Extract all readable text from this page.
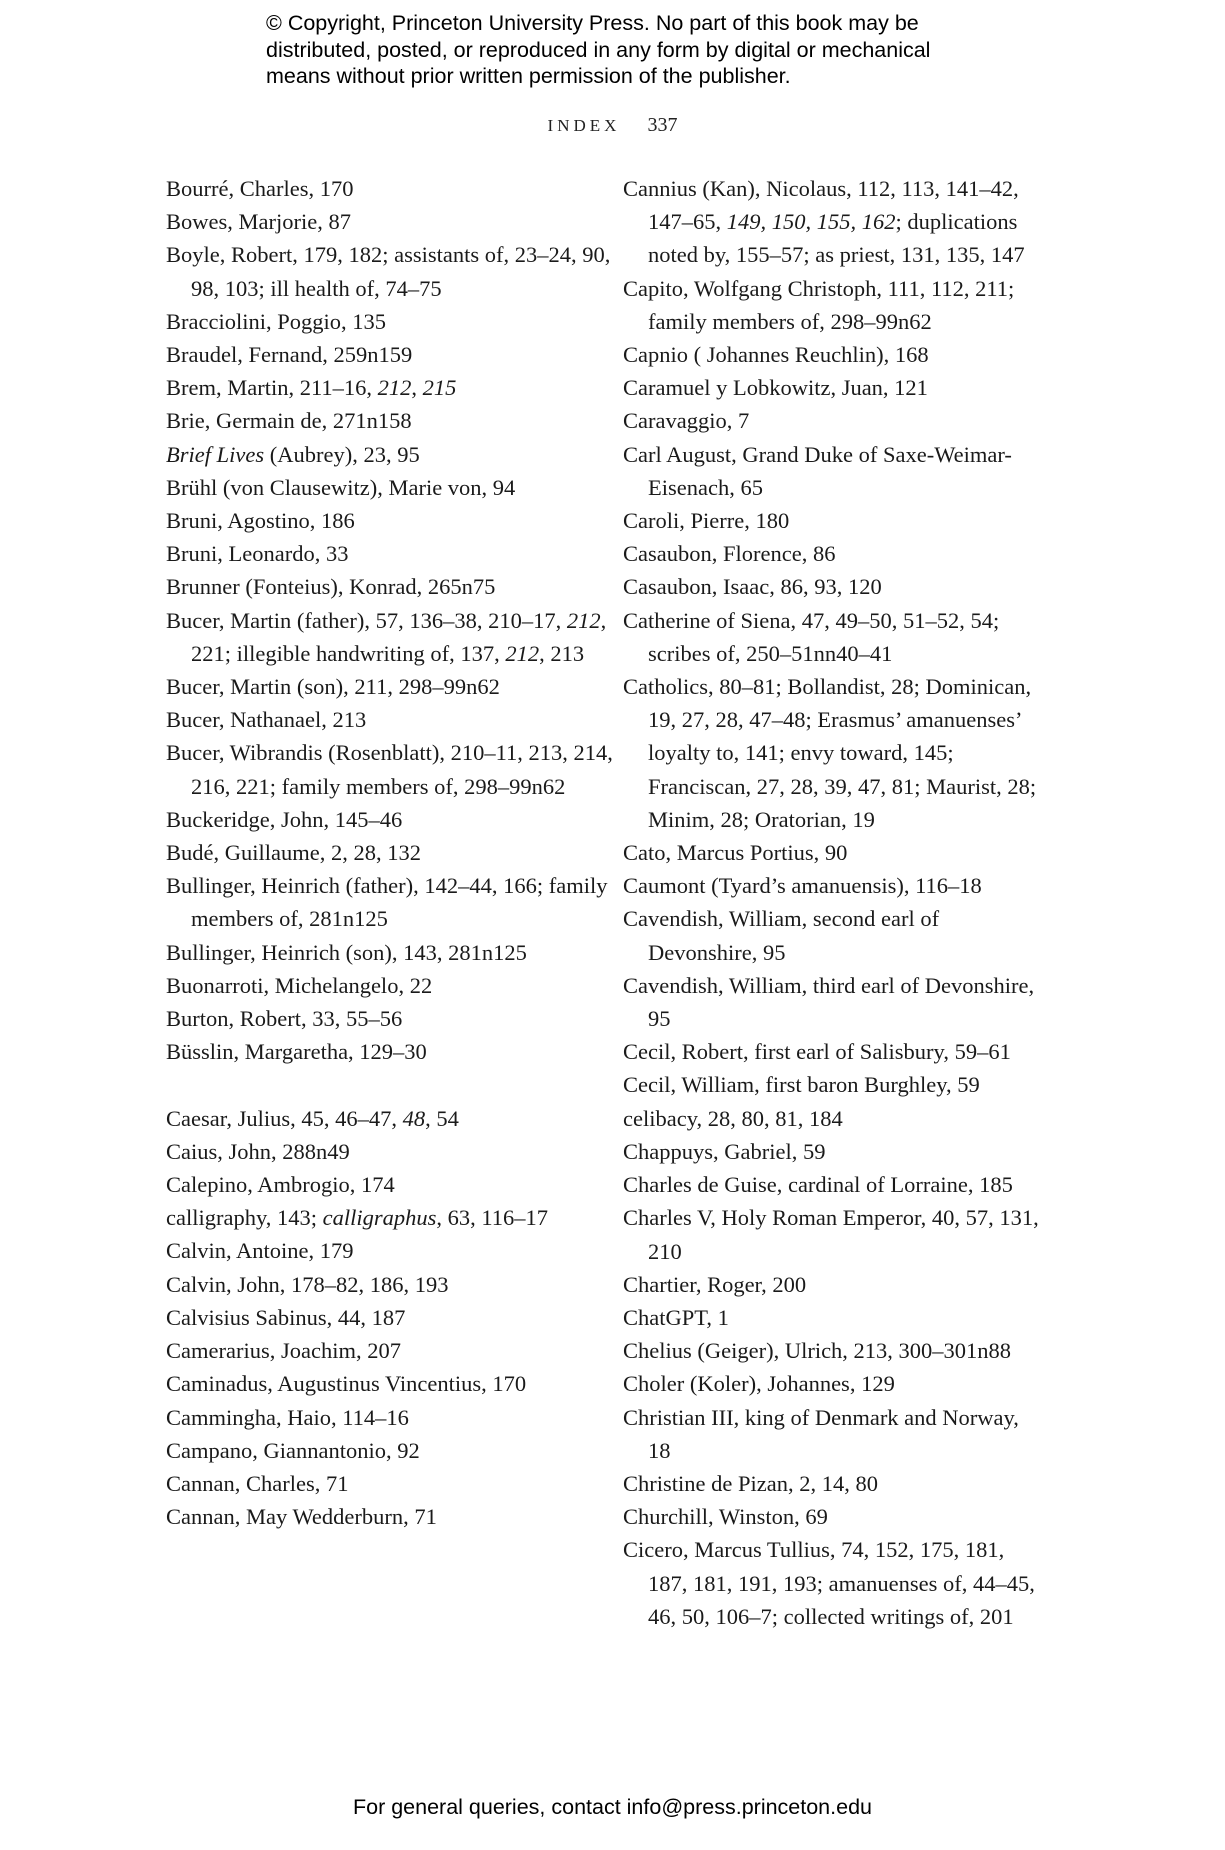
© Copyright, Princeton University Press. No part of this book may be
distributed, posted, or reproduced in any form by digital or mechanical
means without prior written permission of the publisher.
INDEX 337
Bourré, Charles, 170
Bowes, Marjorie, 87
Boyle, Robert, 179, 182; assistants of, 23–24, 90, 98, 103; ill health of, 74–75
Bracciolini, Poggio, 135
Braudel, Fernand, 259n159
Brem, Martin, 211–16, 212, 215
Brie, Germain de, 271n158
Brief Lives (Aubrey), 23, 95
Brühl (von Clausewitz), Marie von, 94
Bruni, Agostino, 186
Bruni, Leonardo, 33
Brunner (Fonteius), Konrad, 265n75
Bucer, Martin (father), 57, 136–38, 210–17, 212, 221; illegible handwriting of, 137, 212, 213
Bucer, Martin (son), 211, 298–99n62
Bucer, Nathanael, 213
Bucer, Wibrandis (Rosenblatt), 210–11, 213, 214, 216, 221; family members of, 298–99n62
Buckeridge, John, 145–46
Budé, Guillaume, 2, 28, 132
Bullinger, Heinrich (father), 142–44, 166; family members of, 281n125
Bullinger, Heinrich (son), 143, 281n125
Buonarroti, Michelangelo, 22
Burton, Robert, 33, 55–56
Büsslin, Margaretha, 129–30
Caesar, Julius, 45, 46–47, 48, 54
Caius, John, 288n49
Calepino, Ambrogio, 174
calligraphy, 143; calligraphus, 63, 116–17
Calvin, Antoine, 179
Calvin, John, 178–82, 186, 193
Calvisius Sabinus, 44, 187
Camerarius, Joachim, 207
Caminadus, Augustinus Vincentius, 170
Cammingha, Haio, 114–16
Campano, Giannantonio, 92
Cannan, Charles, 71
Cannan, May Wedderburn, 71
Cannius (Kan), Nicolaus, 112, 113, 141–42, 147–65, 149, 150, 155, 162; duplications noted by, 155–57; as priest, 131, 135, 147
Capito, Wolfgang Christoph, 111, 112, 211; family members of, 298–99n62
Capnio ( Johannes Reuchlin), 168
Caramuel y Lobkowitz, Juan, 121
Caravaggio, 7
Carl August, Grand Duke of Saxe-Weimar-Eisenach, 65
Caroli, Pierre, 180
Casaubon, Florence, 86
Casaubon, Isaac, 86, 93, 120
Catherine of Siena, 47, 49–50, 51–52, 54; scribes of, 250–51nn40–41
Catholics, 80–81; Bollandist, 28; Dominican, 19, 27, 28, 47–48; Erasmus’ amanuenses’ loyalty to, 141; envy toward, 145; Franciscan, 27, 28, 39, 47, 81; Maurist, 28; Minim, 28; Oratorian, 19
Cato, Marcus Portius, 90
Caumont (Tyard’s amanuensis), 116–18
Cavendish, William, second earl of Devonshire, 95
Cavendish, William, third earl of Devonshire, 95
Cecil, Robert, first earl of Salisbury, 59–61
Cecil, William, first baron Burghley, 59
celibacy, 28, 80, 81, 184
Chappuys, Gabriel, 59
Charles de Guise, cardinal of Lorraine, 185
Charles V, Holy Roman Emperor, 40, 57, 131, 210
Chartier, Roger, 200
ChatGPT, 1
Chelius (Geiger), Ulrich, 213, 300–301n88
Choler (Koler), Johannes, 129
Christian III, king of Denmark and Norway, 18
Christine de Pizan, 2, 14, 80
Churchill, Winston, 69
Cicero, Marcus Tullius, 74, 152, 175, 181, 187, 181, 191, 193; amanuenses of, 44–45, 46, 50, 106–7; collected writings of, 201
For general queries, contact info@press.princeton.edu
